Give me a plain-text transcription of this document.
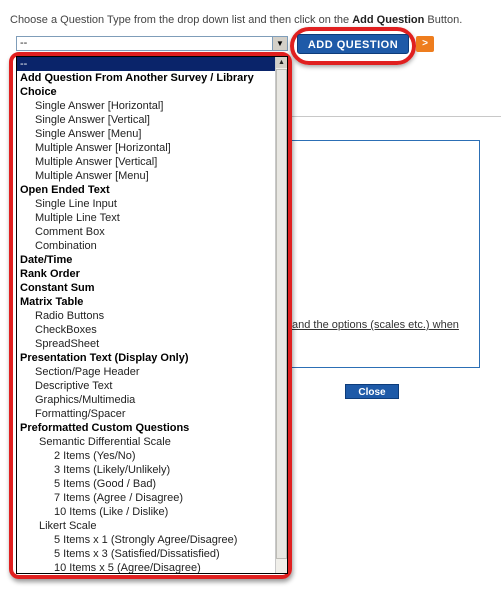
Choose a Question Type from the drop down list and then click on the Add Question Button.
--	▼	ADD QUESTION	>
and the options (scales etc.) when
Close
--
Add Question From Another Survey / Library
Choice
Single Answer [Horizontal]
Single Answer [Vertical]
Single Answer [Menu]
Multiple Answer [Horizontal]
Multiple Answer [Vertical]
Multiple Answer [Menu]
Open Ended Text
Single Line Input
Multiple Line Text
Comment Box
Combination
Date/Time
Rank Order
Constant Sum
Matrix Table
Radio Buttons
CheckBoxes
SpreadSheet
Presentation Text (Display Only)
Section/Page Header
Descriptive Text
Graphics/Multimedia
Formatting/Spacer
Preformatted Custom Questions
Semantic Differential Scale
2 Items (Yes/No)
3 Items (Likely/Unlikely)
5 Items (Good / Bad)
7 Items (Agree / Disagree)
10 Items (Like / Dislike)
Likert Scale
5 Items x 1 (Strongly Agree/Disagree)
5 Items x 3 (Satisfied/Dissatisfied)
10 Items x 5 (Agree/Disagree)
▲
